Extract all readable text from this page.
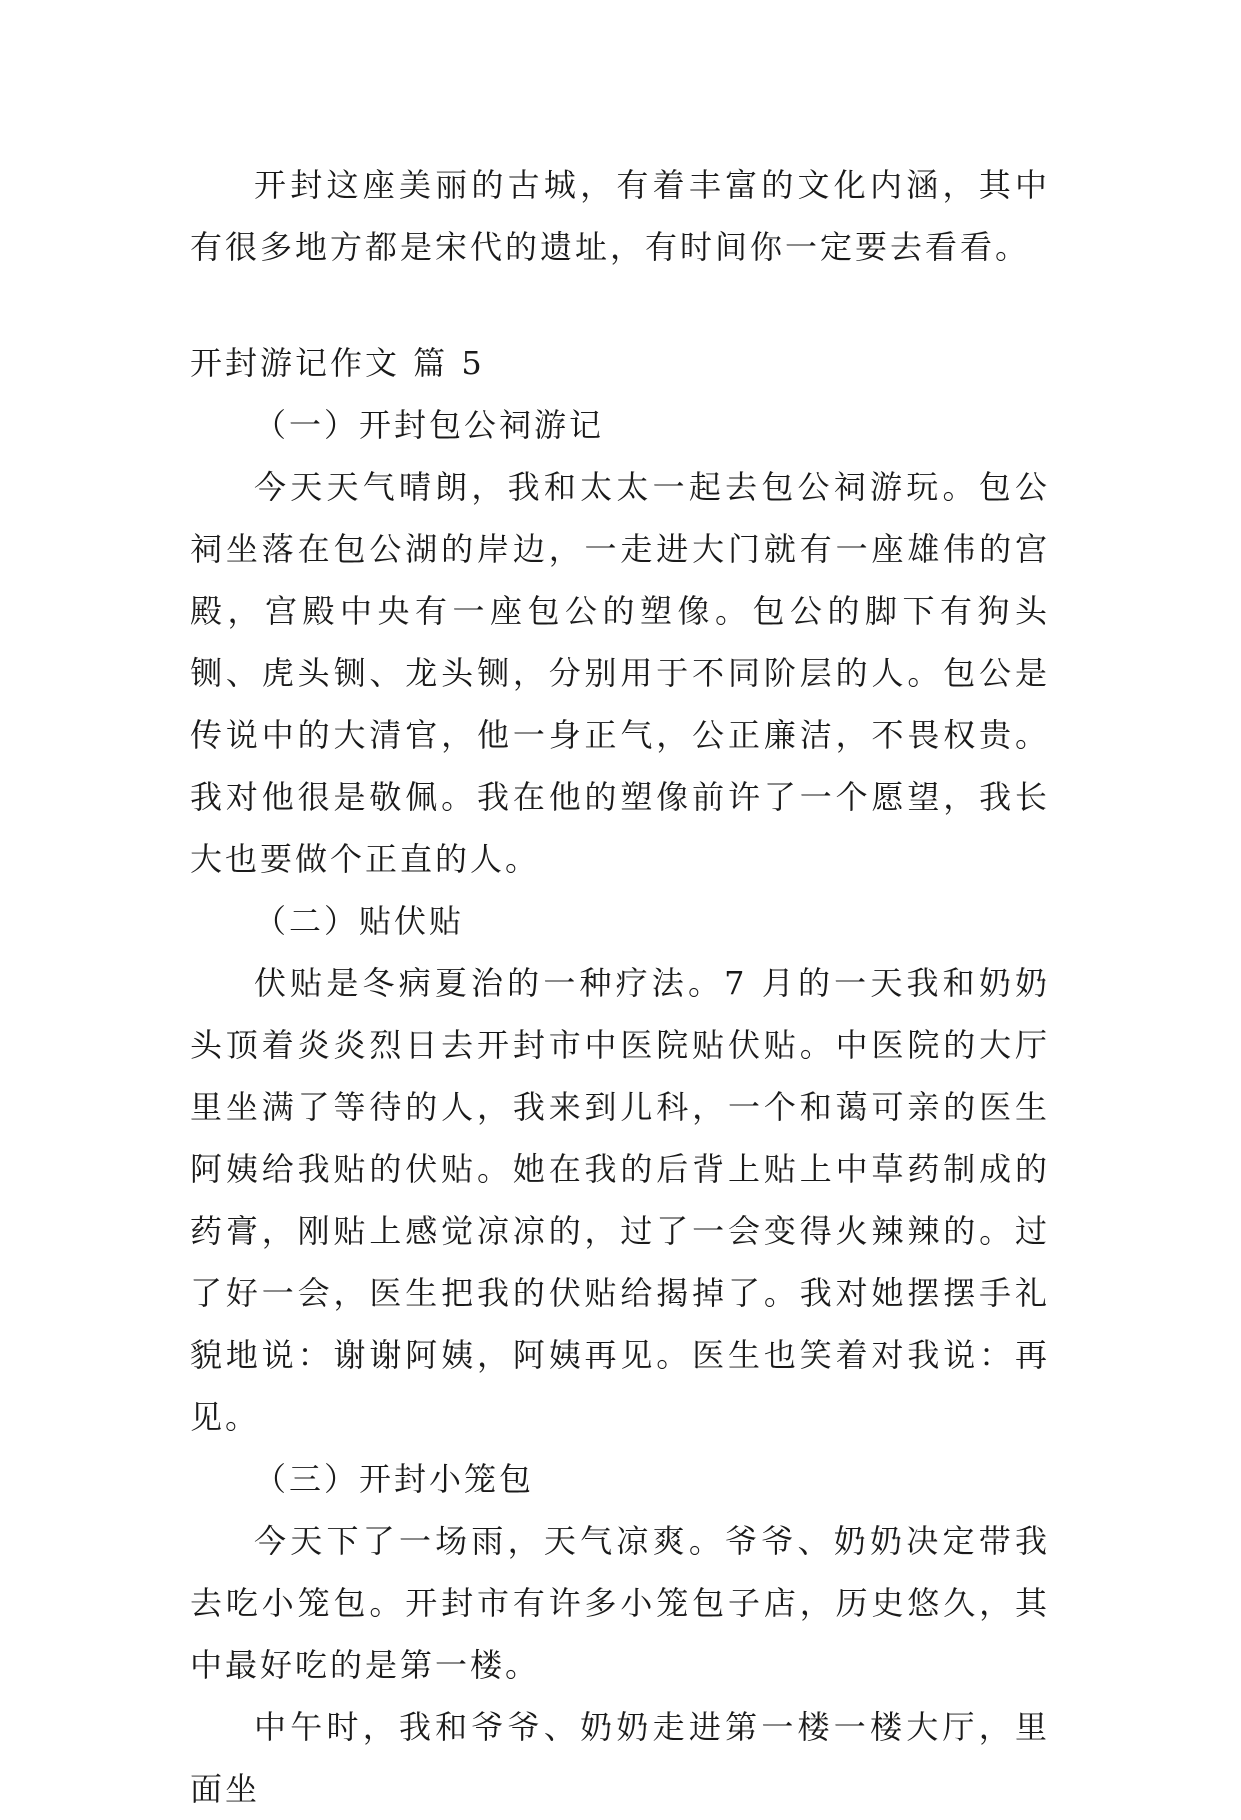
开封这座美丽的古城，有着丰富的文化内涵，其中有很多地方都是宋代的遗址，有时间你一定要去看看。

开封游记作文 篇 5

（一）开封包公祠游记

今天天气晴朗，我和太太一起去包公祠游玩。包公祠坐落在包公湖的岸边，一走进大门就有一座雄伟的宫殿，宫殿中央有一座包公的塑像。包公的脚下有狗头铡、虎头铡、龙头铡，分别用于不同阶层的人。包公是传说中的大清官，他一身正气，公正廉洁，不畏权贵。我对他很是敬佩。我在他的塑像前许了一个愿望，我长大也要做个正直的人。

（二）贴伏贴

伏贴是冬病夏治的一种疗法。7 月的一天我和奶奶头顶着炎炎烈日去开封市中医院贴伏贴。中医院的大厅里坐满了等待的人，我来到儿科，一个和蔼可亲的医生阿姨给我贴的伏贴。她在我的后背上贴上中草药制成的药膏，刚贴上感觉凉凉的，过了一会变得火辣辣的。过了好一会，医生把我的伏贴给揭掉了。我对她摆摆手礼貌地说：谢谢阿姨，阿姨再见。医生也笑着对我说：再见。

（三）开封小笼包

今天下了一场雨，天气凉爽。爷爷、奶奶决定带我去吃小笼包。开封市有许多小笼包子店，历史悠久，其中最好吃的是第一楼。

中午时，我和爷爷、奶奶走进第一楼一楼大厅，里面坐
